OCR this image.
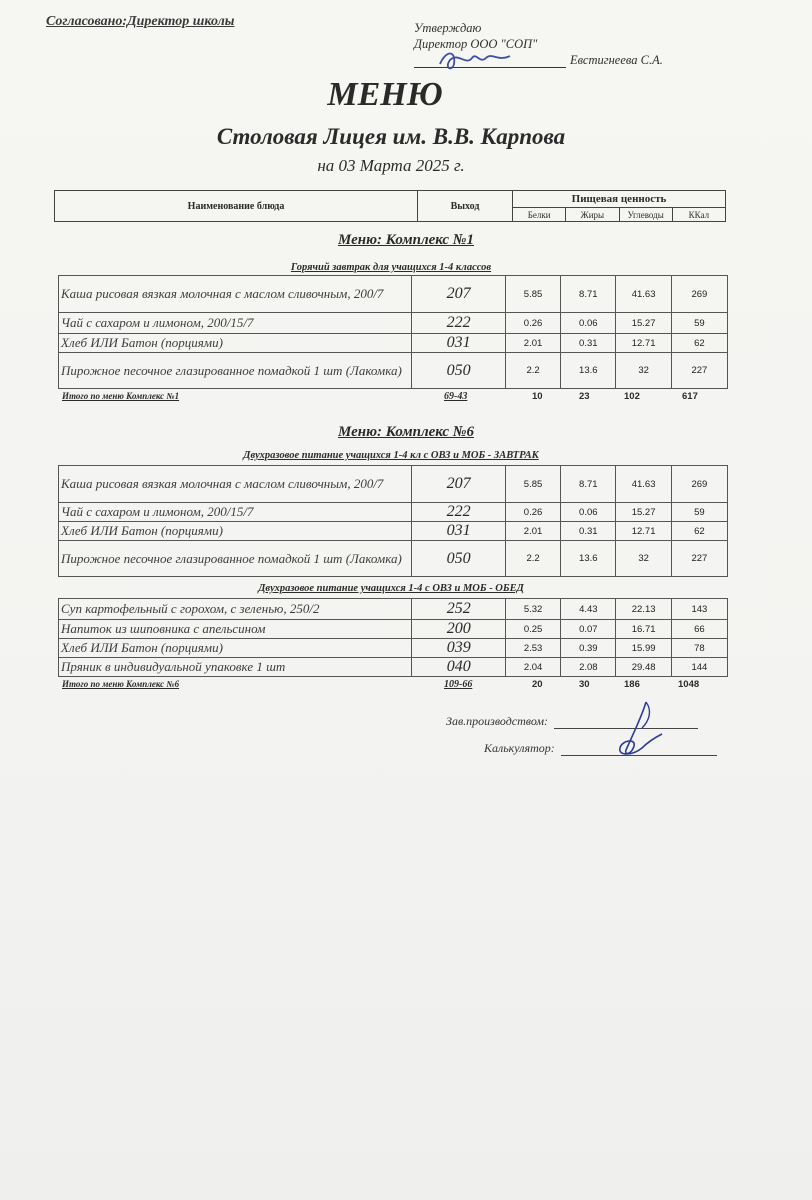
Согласовано:Директор школы	Утверждаю
Директор ООО "СОП"
Евстигнеева С.А.
МЕНЮ
Столовая Лицея им. В.В. Карпова
на 03 Марта 2025 г.
Наименование блюда	Выход
Пищевая ценность
Белки	Жиры	Углеводы	ККал
Меню: Комплекс №1
Горячий завтрак для учащихся 1-4 классов
Каша рисовая вязкая молочная с маслом сливочным, 200/7	207	5.85	8.71	41.63	269
Чай с сахаром и лимоном, 200/15/7	222	0.26	0.06	15.27	59
Хлеб ИЛИ Батон (порциями)	031	2.01	0.31	12.71	62
Пирожное песочное глазированное помадкой 1 шт (Лакомка)	050	2.2	13.6	32	227
Итого по меню Комплекс №1	69-43	10	23	102	617
Меню: Комплекс №6
Двухразовое питание учащихся 1-4 кл с ОВЗ и МОБ - ЗАВТРАК
Каша рисовая вязкая молочная с маслом сливочным, 200/7	207	5.85	8.71	41.63	269
Чай с сахаром и лимоном, 200/15/7	222	0.26	0.06	15.27	59
Хлеб ИЛИ Батон (порциями)	031	2.01	0.31	12.71	62
Пирожное песочное глазированное помадкой 1 шт (Лакомка)	050	2.2	13.6	32	227
Двухразовое питание учащихся 1-4 с ОВЗ и МОБ - ОБЕД
Суп картофельный с горохом, с зеленью, 250/2	252	5.32	4.43	22.13	143
Напиток из шиповника с апельсином	200	0.25	0.07	16.71	66
Хлеб ИЛИ Батон (порциями)	039	2.53	0.39	15.99	78
Пряник в индивидуальной упаковке 1 шт	040	2.04	2.08	29.48	144
Итого по меню Комплекс №6	109-66	20	30	186	1048
Зав.производством:
Калькулятор:
